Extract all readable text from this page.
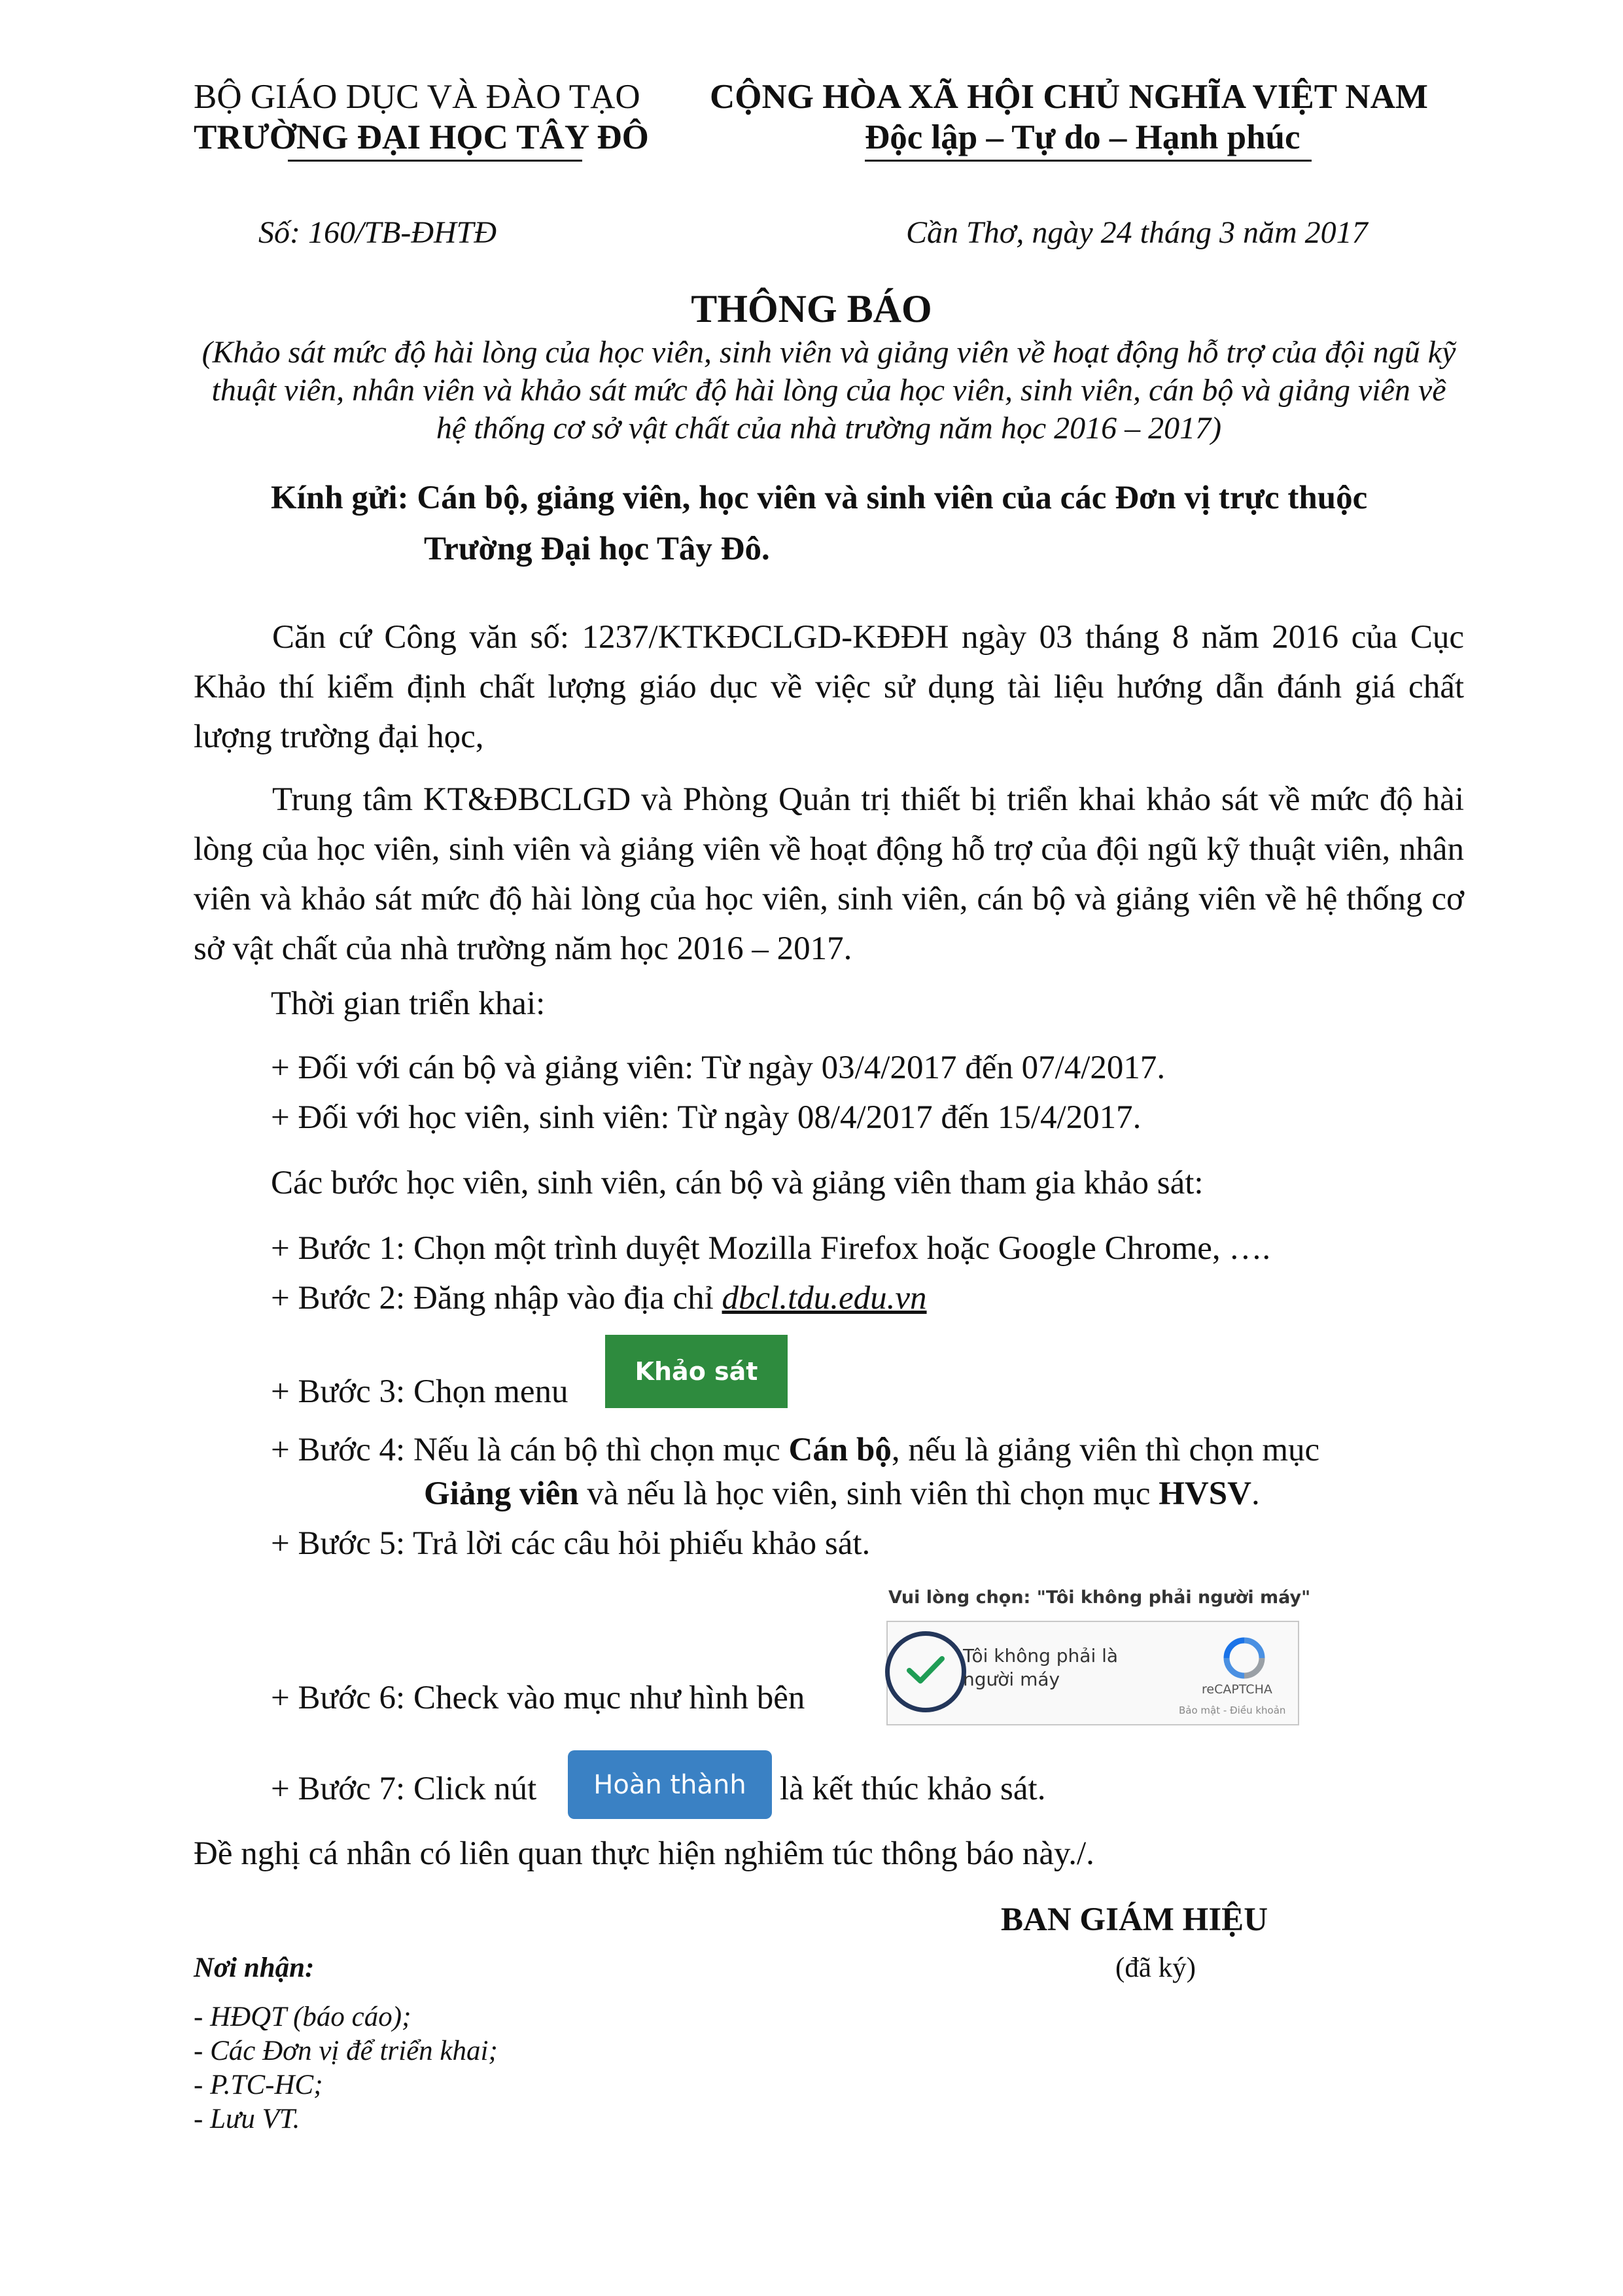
BỘ GIÁO DỤC VÀ ĐÀO TẠO
TRƯỜNG ĐẠI HỌC TÂY ĐÔ
CỘNG HÒA XÃ HỘI CHỦ NGHĨA VIỆT NAM
Độc lập – Tự do – Hạnh phúc
Số: 160/TB-ĐHTĐ	Cần Thơ, ngày 24 tháng 3 năm 2017
THÔNG BÁO
(Khảo sát mức độ hài lòng của học viên, sinh viên và giảng viên về hoạt động hỗ trợ của đội ngũ kỹ thuật viên, nhân viên và khảo sát mức độ hài lòng của học viên, sinh viên, cán bộ và giảng viên về hệ thống cơ sở vật chất của nhà trường năm học 2016 – 2017)
Kính gửi: Cán bộ, giảng viên, học viên và sinh viên của các Đơn vị trực thuộc
Trường Đại học Tây Đô.
Căn cứ Công văn số: 1237/KTKĐCLGD-KĐĐH ngày 03 tháng 8 năm 2016 của Cục Khảo thí kiểm định chất lượng giáo dục về việc sử dụng tài liệu hướng dẫn đánh giá chất lượng trường đại học,
Trung tâm KT&ĐBCLGD và Phòng Quản trị thiết bị triển khai khảo sát về mức độ hài lòng của học viên, sinh viên và giảng viên về hoạt động hỗ trợ của đội ngũ kỹ thuật viên, nhân viên và khảo sát mức độ hài lòng của học viên, sinh viên, cán bộ và giảng viên về hệ thống cơ sở vật chất của nhà trường năm học 2016 – 2017.
Thời gian triển khai:
+ Đối với cán bộ và giảng viên: Từ ngày 03/4/2017 đến 07/4/2017.
+ Đối với học viên, sinh viên: Từ ngày 08/4/2017 đến 15/4/2017.
Các bước học viên, sinh viên, cán bộ và giảng viên tham gia khảo sát:
+ Bước 1: Chọn một trình duyệt Mozilla Firefox hoặc Google Chrome, ….
+ Bước 2: Đăng nhập vào địa chỉ dbcl.tdu.edu.vn
+ Bước 3: Chọn menu
Khảo sát
+ Bước 4: Nếu là cán bộ thì chọn mục Cán bộ, nếu là giảng viên thì chọn mục
Giảng viên và nếu là học viên, sinh viên thì chọn mục HVSV.
+ Bước 5: Trả lời các câu hỏi phiếu khảo sát.
Vui lòng chọn: "Tôi không phải người máy"
Tôi không phải là người máy	reCAPTCHA
Bảo mật - Điều khoản
+ Bước 6: Check vào mục như hình bên
+ Bước 7: Click nút	Hoàn thành	là kết thúc khảo sát.
Đề nghị cá nhân có liên quan thực hiện nghiêm túc thông báo này./.
BAN GIÁM HIỆU
(đã ký)
Nơi nhận:
- HĐQT (báo cáo);
- Các Đơn vị để triển khai;
- P.TC-HC;
- Lưu VT.
